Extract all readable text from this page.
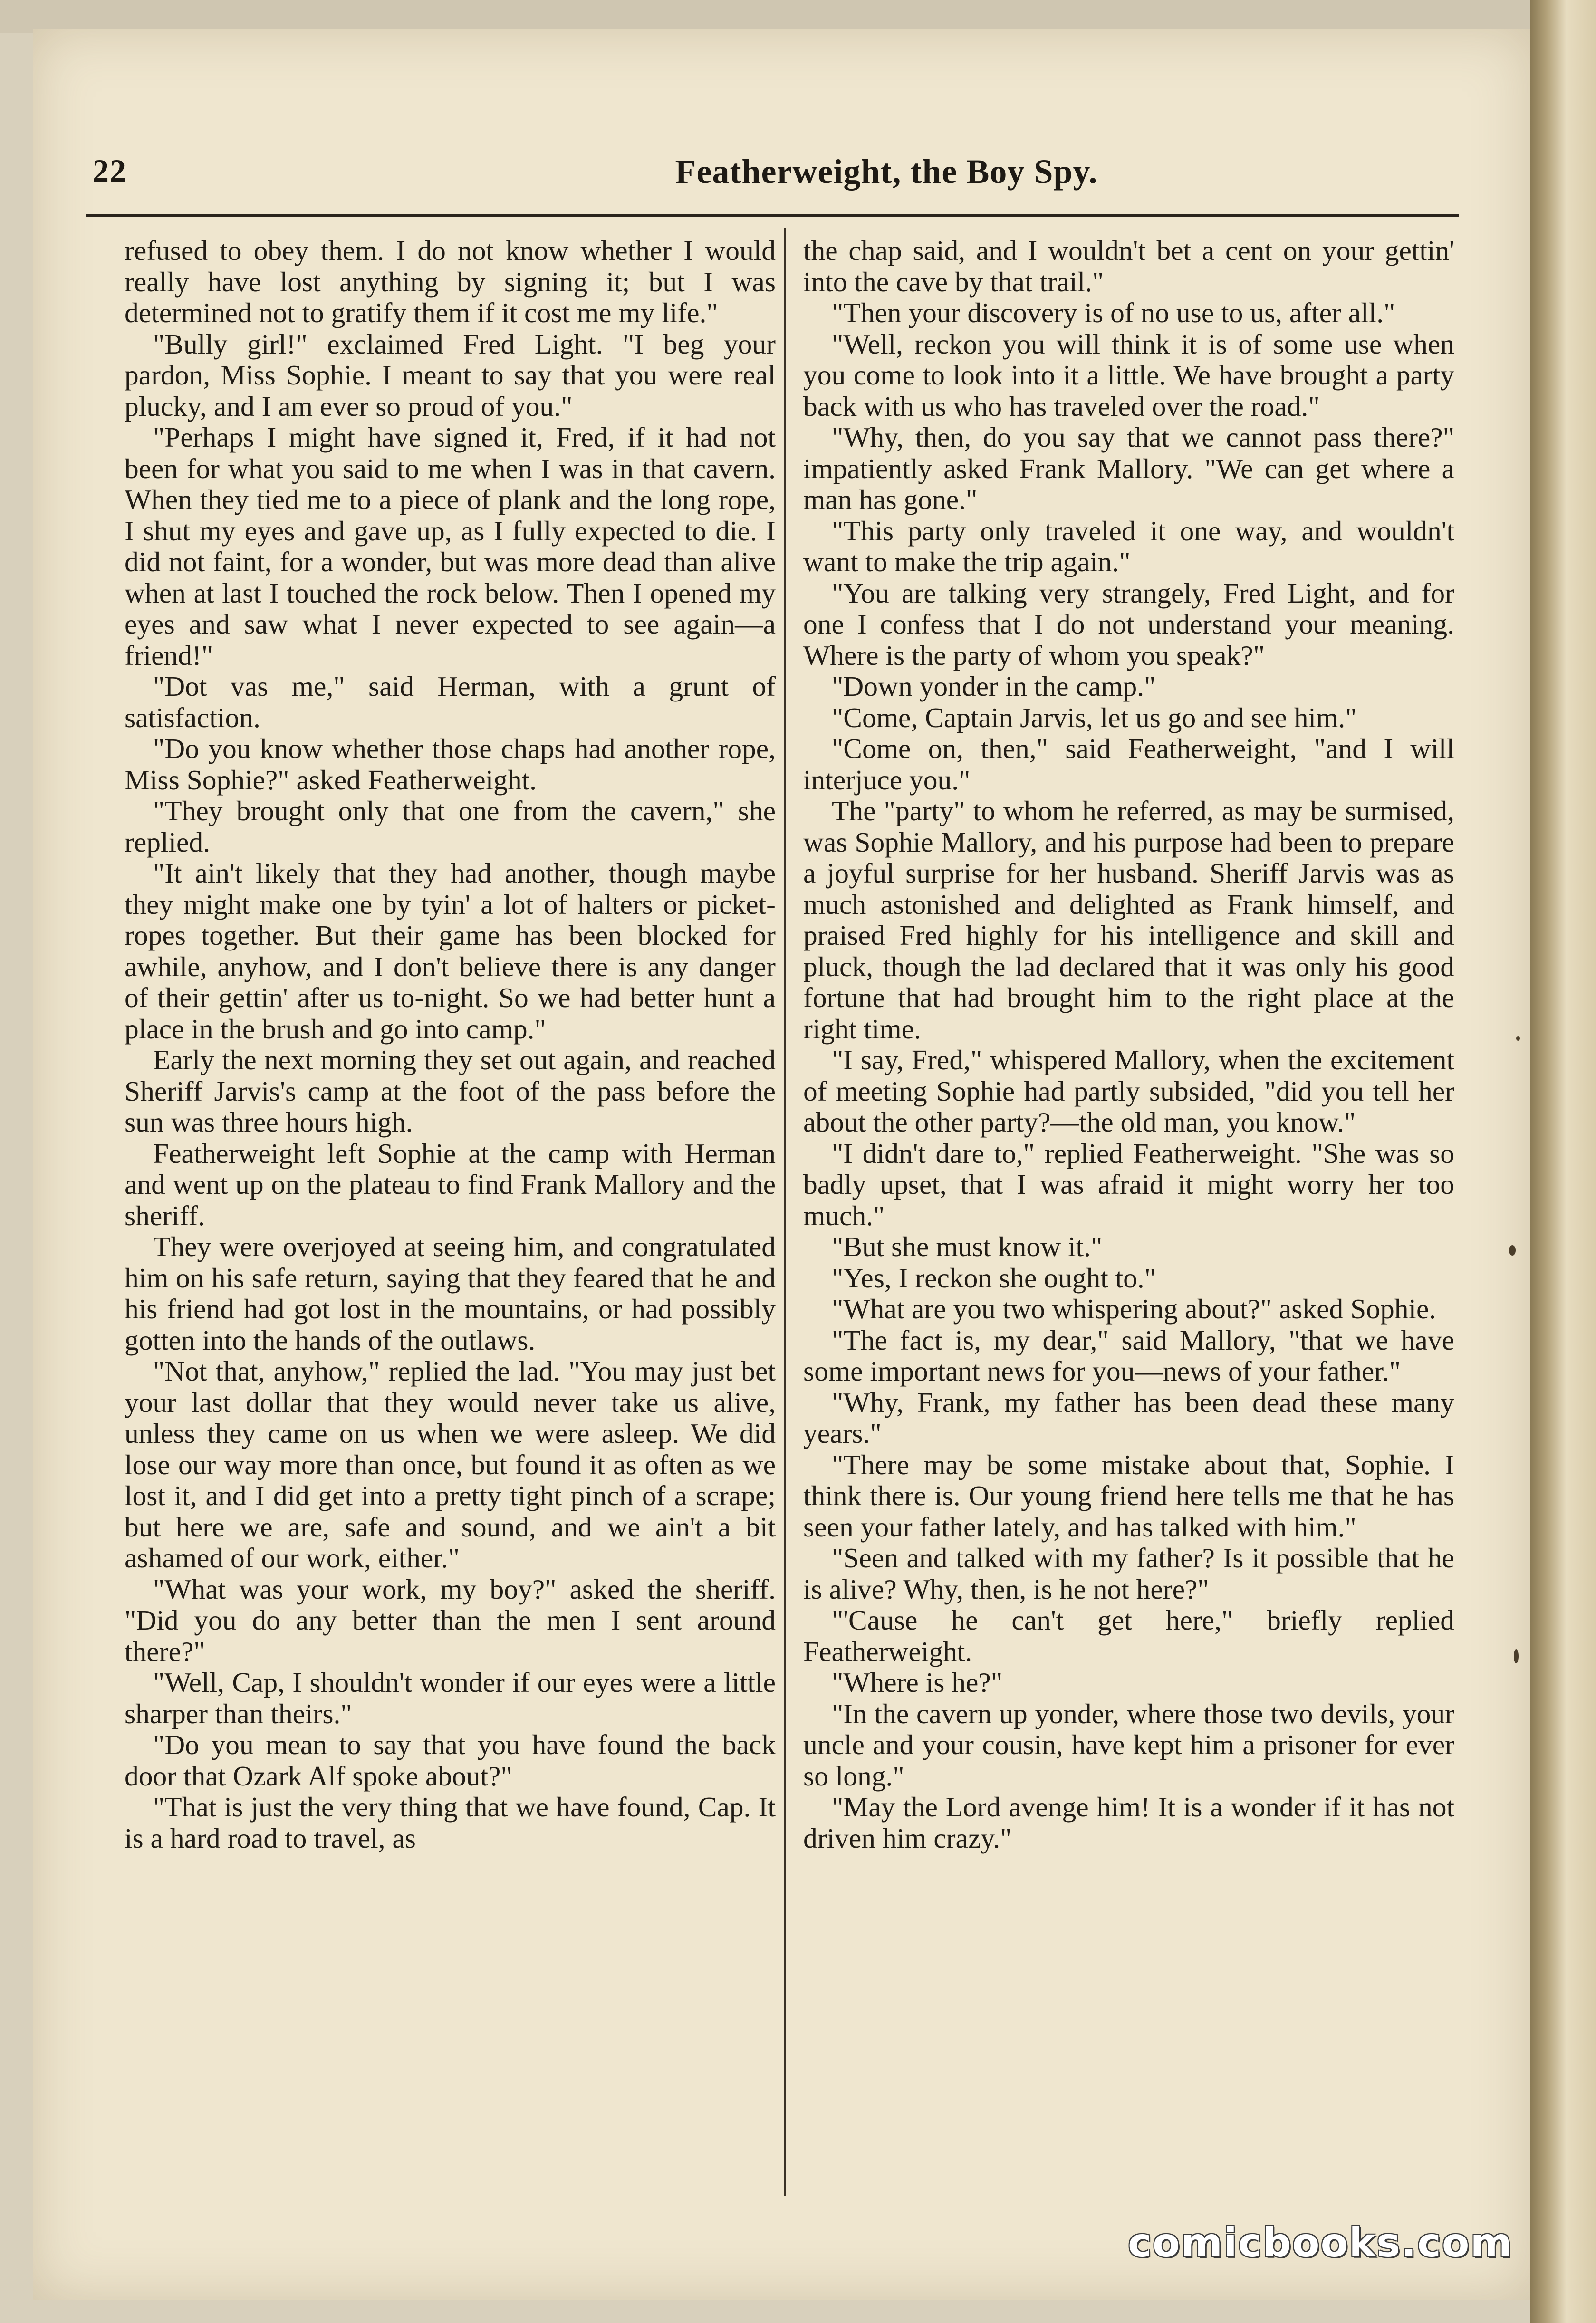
22	Featherweight, the Boy Spy.

refused to obey them. I do not know whether I would really have lost anything by signing it; but I was determined not to gratify them if it cost me my life."

"Bully girl!" exclaimed Fred Light. "I beg your pardon, Miss Sophie. I meant to say that you were real plucky, and I am ever so proud of you."

"Perhaps I might have signed it, Fred, if it had not been for what you said to me when I was in that cavern. When they tied me to a piece of plank and the long rope, I shut my eyes and gave up, as I fully expected to die. I did not faint, for a wonder, but was more dead than alive when at last I touched the rock below. Then I opened my eyes and saw what I never expected to see again—a friend!"

"Dot vas me," said Herman, with a grunt of satisfaction.

"Do you know whether those chaps had another rope, Miss Sophie?" asked Featherweight.

"They brought only that one from the cavern," she replied.

"It ain't likely that they had another, though maybe they might make one by tyin' a lot of halters or picket-ropes together. But their game has been blocked for awhile, anyhow, and I don't believe there is any danger of their gettin' after us to-night. So we had better hunt a place in the brush and go into camp."

Early the next morning they set out again, and reached Sheriff Jarvis's camp at the foot of the pass before the sun was three hours high.

Featherweight left Sophie at the camp with Herman and went up on the plateau to find Frank Mallory and the sheriff.

They were overjoyed at seeing him, and congratulated him on his safe return, saying that they feared that he and his friend had got lost in the mountains, or had possibly gotten into the hands of the outlaws.

"Not that, anyhow," replied the lad. "You may just bet your last dollar that they would never take us alive, unless they came on us when we were asleep. We did lose our way more than once, but found it as often as we lost it, and I did get into a pretty tight pinch of a scrape; but here we are, safe and sound, and we ain't a bit ashamed of our work, either."

"What was your work, my boy?" asked the sheriff. "Did you do any better than the men I sent around there?"

"Well, Cap, I shouldn't wonder if our eyes were a little sharper than theirs."

"Do you mean to say that you have found the back door that Ozark Alf spoke about?"

"That is just the very thing that we have found, Cap. It is a hard road to travel, as

the chap said, and I wouldn't bet a cent on your gettin' into the cave by that trail."

"Then your discovery is of no use to us, after all."

"Well, reckon you will think it is of some use when you come to look into it a little. We have brought a party back with us who has traveled over the road."

"Why, then, do you say that we cannot pass there?" impatiently asked Frank Mallory. "We can get where a man has gone."

"This party only traveled it one way, and wouldn't want to make the trip again."

"You are talking very strangely, Fred Light, and for one I confess that I do not understand your meaning. Where is the party of whom you speak?"

"Down yonder in the camp."

"Come, Captain Jarvis, let us go and see him."

"Come on, then," said Featherweight, "and I will interjuce you."

The "party" to whom he referred, as may be surmised, was Sophie Mallory, and his purpose had been to prepare a joyful surprise for her husband. Sheriff Jarvis was as much astonished and delighted as Frank himself, and praised Fred highly for his intelligence and skill and pluck, though the lad declared that it was only his good fortune that had brought him to the right place at the right time.

"I say, Fred," whispered Mallory, when the excitement of meeting Sophie had partly subsided, "did you tell her about the other party?—the old man, you know."

"I didn't dare to," replied Featherweight. "She was so badly upset, that I was afraid it might worry her too much."

"But she must know it."

"Yes, I reckon she ought to."

"What are you two whispering about?" asked Sophie.

"The fact is, my dear," said Mallory, "that we have some important news for you—news of your father."

"Why, Frank, my father has been dead these many years."

"There may be some mistake about that, Sophie. I think there is. Our young friend here tells me that he has seen your father lately, and has talked with him."

"Seen and talked with my father? Is it possible that he is alive? Why, then, is he not here?"

"'Cause he can't get here," briefly replied Featherweight.

"Where is he?"

"In the cavern up yonder, where those two devils, your uncle and your cousin, have kept him a prisoner for ever so long."

"May the Lord avenge him! It is a wonder if it has not driven him crazy."

comicbooks.com
